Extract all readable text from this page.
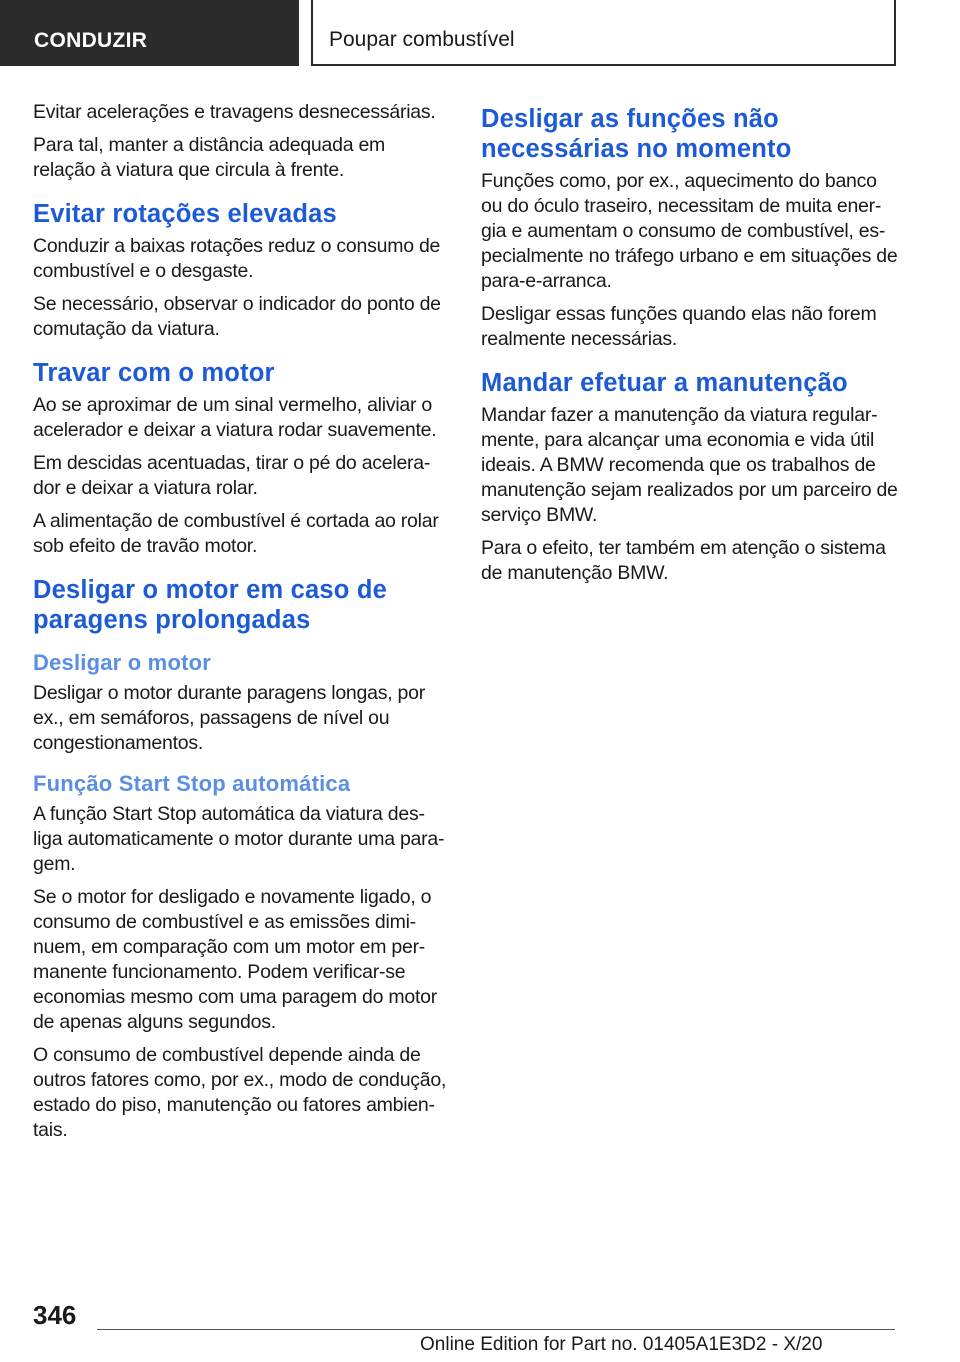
CONDUZIR	Poupar combustível

Evitar acelerações e travagens desnecessárias.

Para tal, manter a distância adequada em relação à viatura que circula à frente.

Evitar rotações elevadas

Conduzir a baixas rotações reduz o consumo de combustível e o desgaste.

Se necessário, observar o indicador do ponto de comutação da viatura.

Travar com o motor

Ao se aproximar de um sinal vermelho, aliviar o acelerador e deixar a viatura rodar suavemente.

Em descidas acentuadas, tirar o pé do acelera-dor e deixar a viatura rolar.

A alimentação de combustível é cortada ao rolar sob efeito de travão motor.

Desligar o motor em caso de paragens prolongadas
Desligar o motor

Desligar o motor durante paragens longas, por ex., em semáforos, passagens de nível ou congestionamentos.

Função Start Stop automática

A função Start Stop automática da viatura des-liga automaticamente o motor durante uma para-gem.

Se o motor for desligado e novamente ligado, o consumo de combustível e as emissões dimi-nuem, em comparação com um motor em per-manente funcionamento. Podem verificar-se economias mesmo com uma paragem do motor de apenas alguns segundos.

O consumo de combustível depende ainda de outros fatores como, por ex., modo de condução, estado do piso, manutenção ou fatores ambien-tais.

Desligar as funções não necessárias no momento

Funções como, por ex., aquecimento do banco ou do óculo traseiro, necessitam de muita ener-gia e aumentam o consumo de combustível, es-pecialmente no tráfego urbano e em situações de para-e-arranca.

Desligar essas funções quando elas não forem realmente necessárias.

Mandar efetuar a manutenção

Mandar fazer a manutenção da viatura regular-mente, para alcançar uma economia e vida útil ideais. A BMW recomenda que os trabalhos de manutenção sejam realizados por um parceiro de serviço BMW.

Para o efeito, ter também em atenção o sistema de manutenção BMW.

346
Online Edition for Part no. 01405A1E3D2 - X/20
